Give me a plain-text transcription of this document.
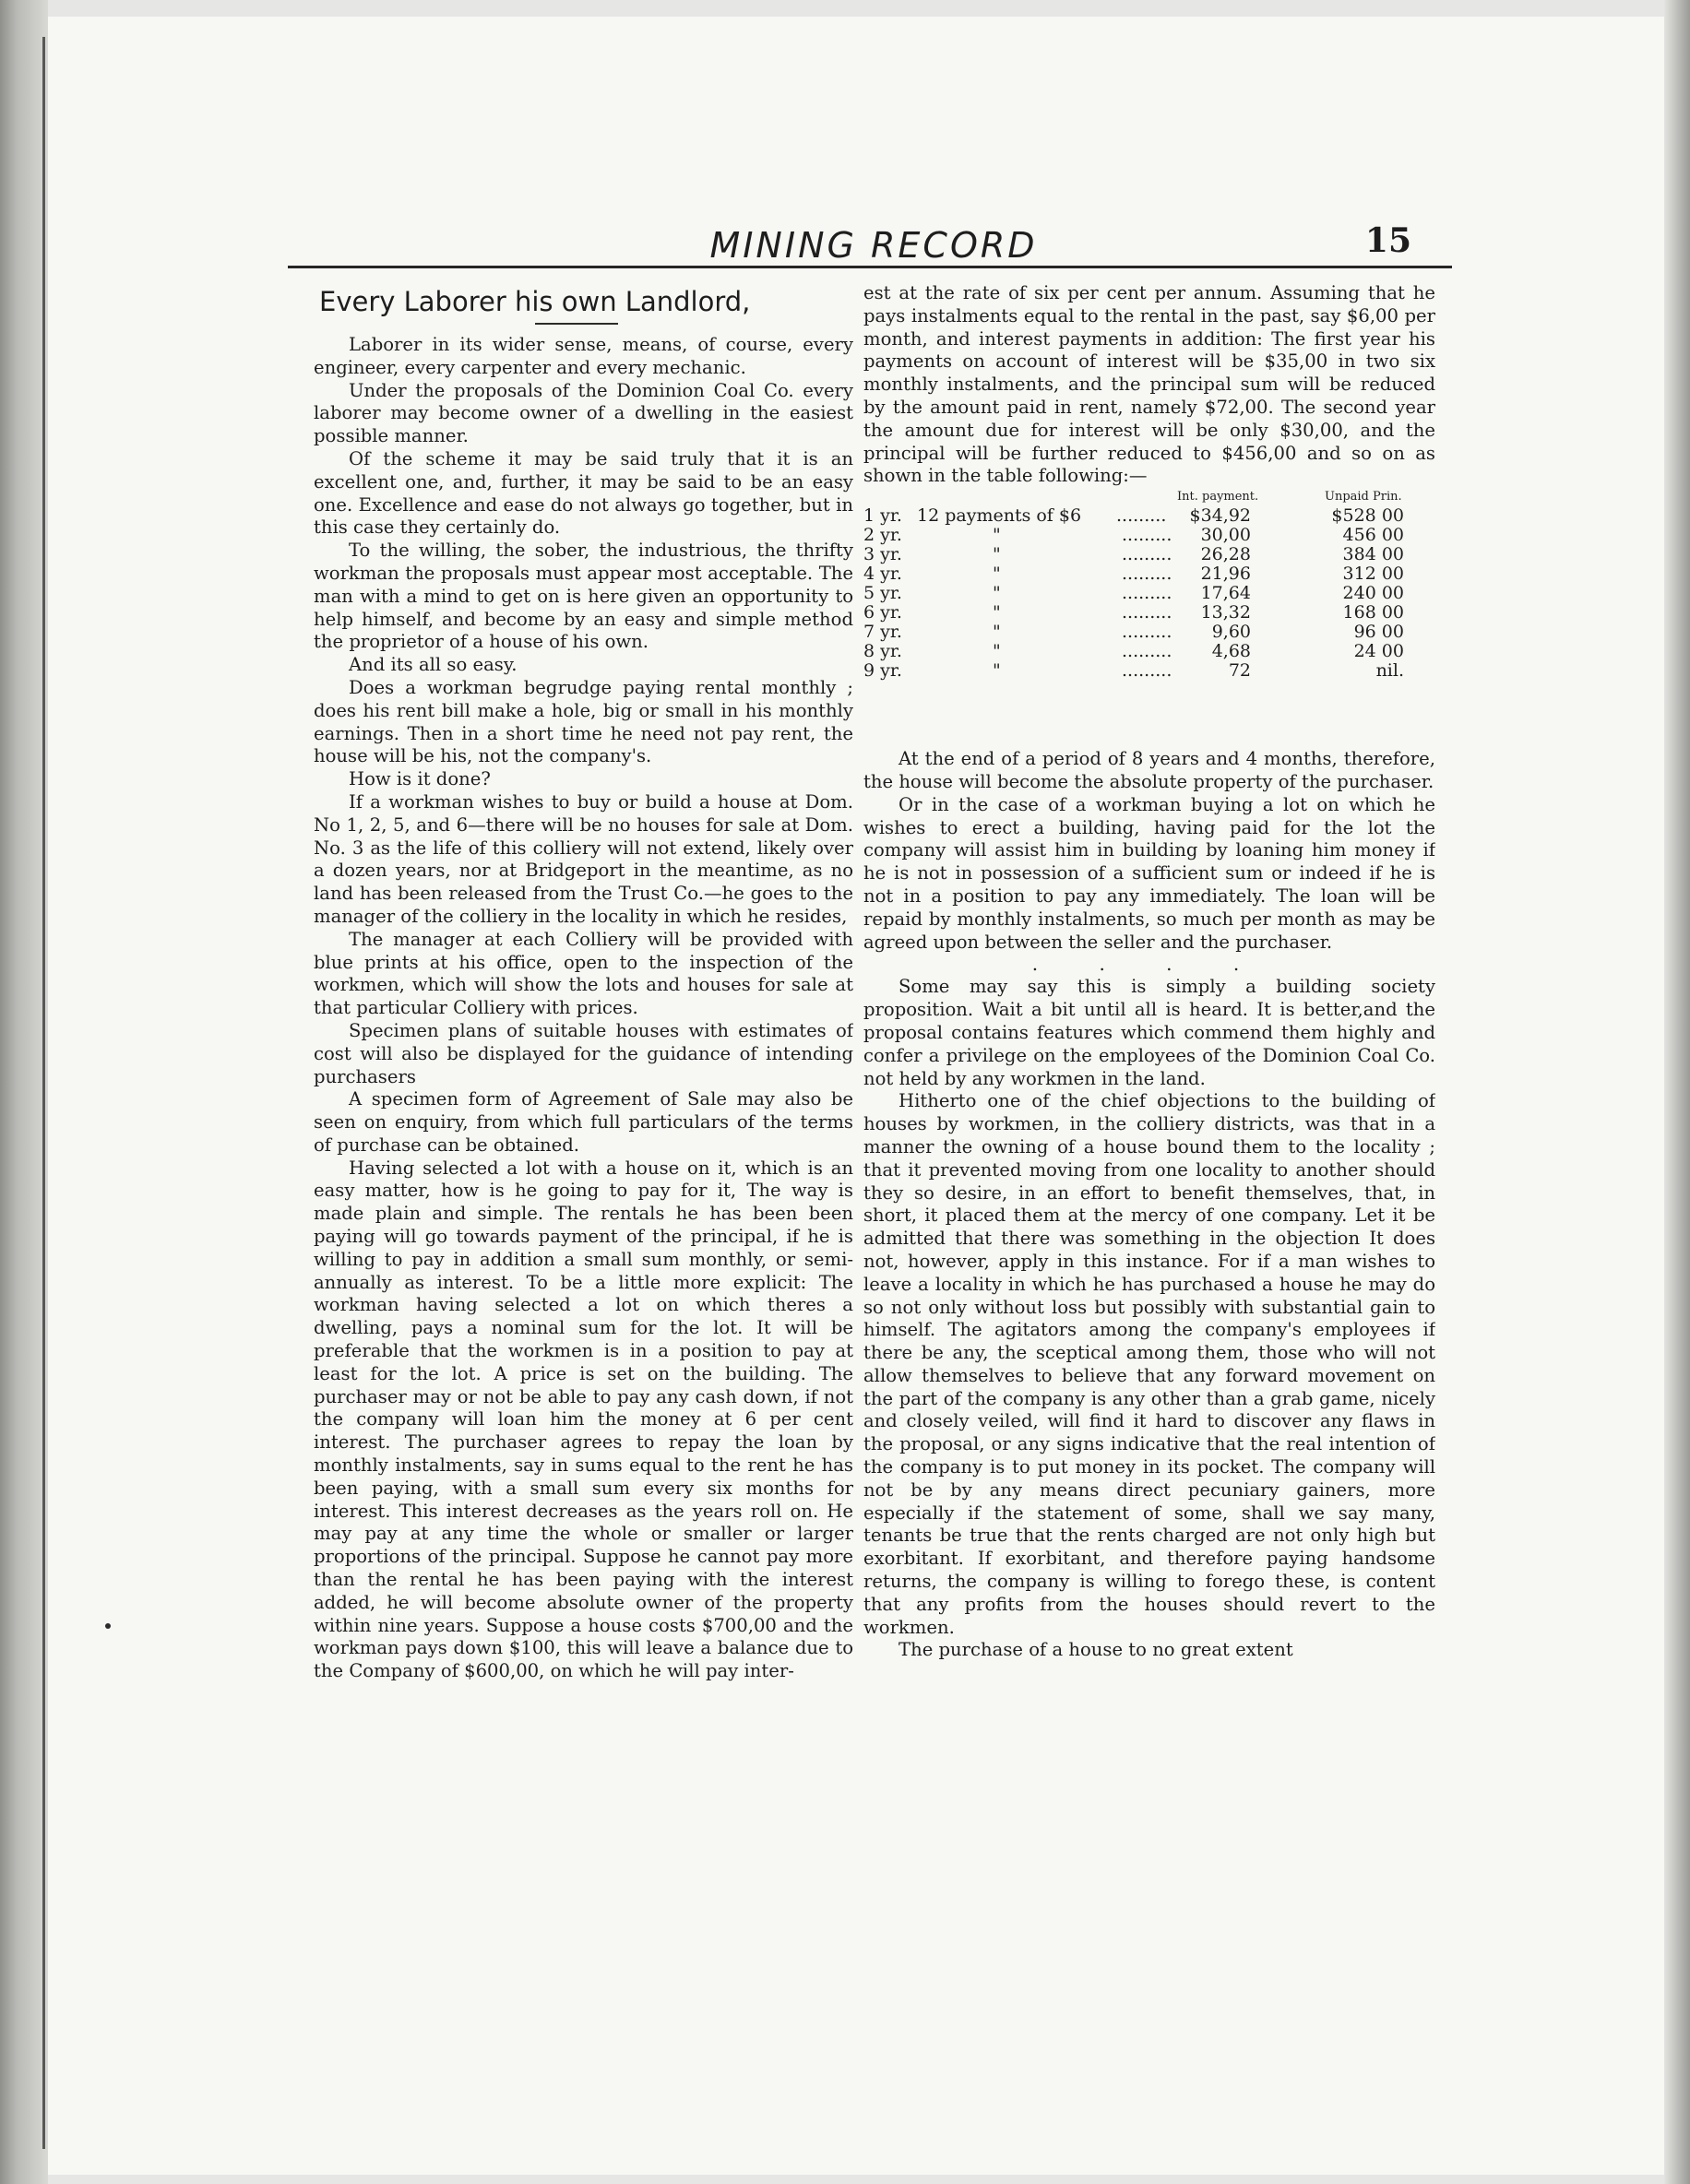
MINING RECORD	15
Every Laborer his own Landlord,

Laborer in its wider sense, means, of course, every engineer, every carpenter and every mechanic.

Under the proposals of the Dominion Coal Co. every laborer may become owner of a dwelling in the easiest possible manner.

Of the scheme it may be said truly that it is an excellent one, and, further, it may be said to be an easy one. Excellence and ease do not always go together, but in this case they certainly do.

To the willing, the sober, the industrious, the thrifty workman the proposals must appear most acceptable. The man with a mind to get on is here given an opportunity to help himself, and become by an easy and simple method the proprietor of a house of his own.

And its all so easy.

Does a workman begrudge paying rental monthly ; does his rent bill make a hole, big or small in his monthly earnings. Then in a short time he need not pay rent, the house will be his, not the company's.

How is it done?

If a workman wishes to buy or build a house at Dom. No 1, 2, 5, and 6—there will be no houses for sale at Dom. No. 3 as the life of this colliery will not extend, likely over a dozen years, nor at Bridgeport in the meantime, as no land has been released from the Trust Co.—he goes to the manager of the colliery in the locality in which he resides,

The manager at each Colliery will be provided with blue prints at his office, open to the inspection of the workmen, which will show the lots and houses for sale at that particular Colliery with prices.

Specimen plans of suitable houses with estimates of cost will also be displayed for the guidance of intending purchasers

A specimen form of Agreement of Sale may also be seen on enquiry, from which full particulars of the terms of purchase can be obtained.

Having selected a lot with a house on it, which is an easy matter, how is he going to pay for it, The way is made plain and simple. The rentals he has been been paying will go towards payment of the principal, if he is willing to pay in addition a small sum monthly, or semi-annually as interest. To be a little more explicit: The workman having selected a lot on which theres a dwelling, pays a nominal sum for the lot. It will be preferable that the workmen is in a position to pay at least for the lot. A price is set on the building. The purchaser may or not be able to pay any cash down, if not the company will loan him the money at 6 per cent interest. The purchaser agrees to repay the loan by monthly instalments, say in sums equal to the rent he has been paying, with a small sum every six months for interest. This interest decreases as the years roll on. He may pay at any time the whole or smaller or larger proportions of the principal. Suppose he cannot pay more than the rental he has been paying with the interest added, he will become absolute owner of the property within nine years. Suppose a house costs $700,00 and the workman pays down $100, this will leave a balance due to the Company of $600,00, on which he will pay inter-

est at the rate of six per cent per annum. Assuming that he pays instalments equal to the rental in the past, say $6,00 per month, and interest payments in addition: The first year his payments on account of interest will be $35,00 in two six monthly instalments, and the principal sum will be reduced by the amount paid in rent, namely $72,00. The second year the amount due for interest will be only $30,00, and the principal will be further reduced to $456,00 and so on as shown in the table following:—

Int. payment.	Unpaid Prin.
1 yr. 12 payments of $6	.........	$34,92	$528 00
2 yr.	"	.........	30,00	456 00
3 yr.	"	.........	26,28	384 00
4 yr.	"	.........	21,96	312 00
5 yr.	"	.........	17,64	240 00
6 yr.	"	.........	13,32	168 00
7 yr.	"	.........	9,60	96 00
8 yr.	"	.........	4,68	24 00
9 yr.	"	.........	72	nil.

At the end of a period of 8 years and 4 months, therefore, the house will become the absolute property of the purchaser.

Or in the case of a workman buying a lot on which he wishes to erect a building, having paid for the lot the company will assist him in building by loaning him money if he is not in possession of a sufficient sum or indeed if he is not in a position to pay any immediately. The loan will be repaid by monthly instalments, so much per month as may be agreed upon between the seller and the purchaser.

. . . .

Some may say this is simply a building society proposition. Wait a bit until all is heard. It is better,and the proposal contains features which commend them highly and confer a privilege on the employees of the Dominion Coal Co. not held by any workmen in the land.

Hitherto one of the chief objections to the building of houses by workmen, in the colliery districts, was that in a manner the owning of a house bound them to the locality ; that it prevented moving from one locality to another should they so desire, in an effort to benefit themselves, that, in short, it placed them at the mercy of one company. Let it be admitted that there was something in the objection It does not, however, apply in this instance. For if a man wishes to leave a locality in which he has purchased a house he may do so not only without loss but possibly with substantial gain to himself. The agitators among the company's employees if there be any, the sceptical among them, those who will not allow themselves to believe that any forward movement on the part of the company is any other than a grab game, nicely and closely veiled, will find it hard to discover any flaws in the proposal, or any signs indicative that the real intention of the company is to put money in its pocket. The company will not be by any means direct pecuniary gainers, more especially if the statement of some, shall we say many, tenants be true that the rents charged are not only high but exorbitant. If exorbitant, and therefore paying handsome returns, the company is willing to forego these, is content that any profits from the houses should revert to the workmen.

The purchase of a house to no great extent
